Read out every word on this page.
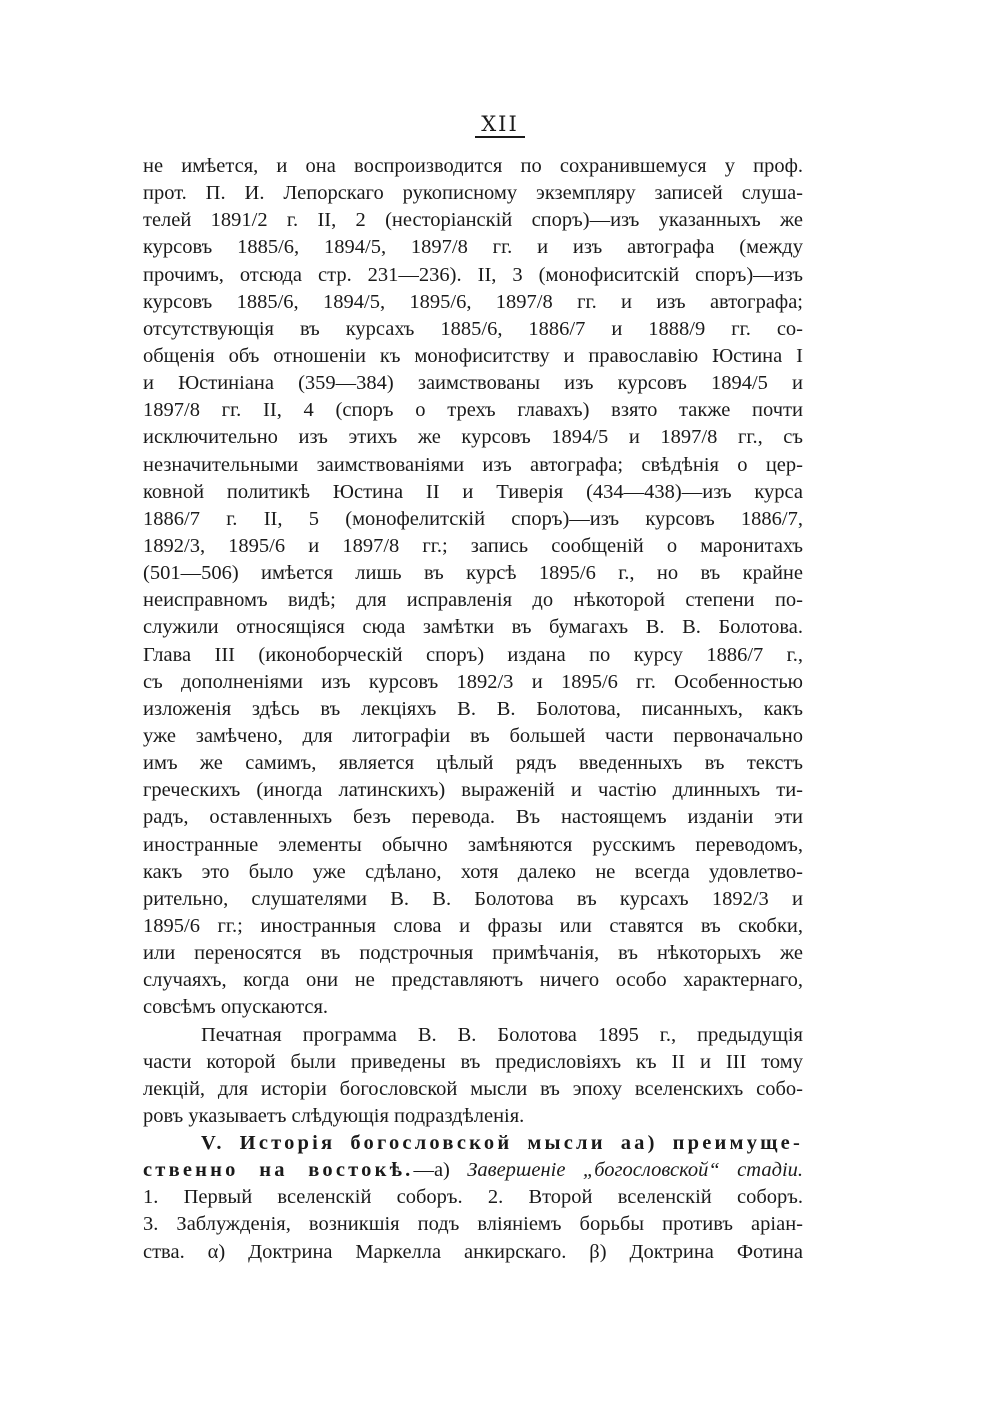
XII
не имѣется, и она воспроизводится по сохранившемуся у проф.
прот. П. И. Лепорскаго рукописному экземпляру записей слуша-
телей 1891/2 г. II, 2 (несторіанскій споръ)—изъ указанныхъ же
курсовъ 1885/6, 1894/5, 1897/8 гг. и изъ автографа (между
прочимъ, отсюда стр. 231—236). II, 3 (монофиситскій споръ)—изъ
курсовъ 1885/6, 1894/5, 1895/6, 1897/8 гг. и изъ автографа;
отсутствующія въ курсахъ 1885/6, 1886/7 и 1888/9 гг. со-
общенія объ отношеніи къ монофиситству и православію Юстина I
и Юстиніана (359—384) заимствованы изъ курсовъ 1894/5 и
1897/8 гг. II, 4 (споръ о трехъ главахъ) взято также почти
исключительно изъ этихъ же курсовъ 1894/5 и 1897/8 гг., съ
незначительными заимствованіями изъ автографа; свѣдѣнія о цер-
ковной политикѣ Юстина II и Тиверія (434—438)—изъ курса
1886/7 г. II, 5 (монофелитскій споръ)—изъ курсовъ 1886/7,
1892/3, 1895/6 и 1897/8 гг.; запись сообщеній о маронитахъ
(501—506) имѣется лишь въ курсѣ 1895/6 г., но въ крайне
неисправномъ видѣ; для исправленія до нѣкоторой степени по-
служили относящіяся сюда замѣтки въ бумагахъ В. В. Болотова.
Глава III (иконоборческій споръ) издана по курсу 1886/7 г.,
съ дополненіями изъ курсовъ 1892/3 и 1895/6 гг. Особенностью
изложенія здѣсь въ лекціяхъ В. В. Болотова, писанныхъ, какъ
уже замѣчено, для литографіи въ большей части первоначально
имъ же самимъ, является цѣлый рядъ введенныхъ въ текстъ
греческихъ (иногда латинскихъ) выраженій и частію длинныхъ ти-
радъ, оставленныхъ безъ перевода. Въ настоящемъ изданіи эти
иностранные элементы обычно замѣняются русскимъ переводомъ,
какъ это было уже сдѣлано, хотя далеко не всегда удовлетво-
рительно, слушателями В. В. Болотова въ курсахъ 1892/3 и
1895/6 гг.; иностранныя слова и фразы или ставятся въ скобки,
или переносятся въ подстрочныя примѣчанія, въ нѣкоторыхъ же
случаяхъ, когда они не представляютъ ничего особо характернаго,
совсѣмъ опускаются.
Печатная программа В. В. Болотова 1895 г., предыдущія
части которой были приведены въ предисловіяхъ къ II и III тому
лекцій, для исторіи богословской мысли въ эпоху вселенскихъ собо-
ровъ указываетъ слѣдующія подраздѣленія.
V. Исторія богословской мысли аа) преимуще-
ственно на востокѣ.—а) Завершеніе „богословской“ стадіи.
1. Первый вселенскій соборъ. 2. Второй вселенскій соборъ.
3. Заблужденія, возникшія подъ вліяніемъ борьбы противъ аріан-
ства. α) Доктрина Маркелла анкирскаго. β) Доктрина Фотина
